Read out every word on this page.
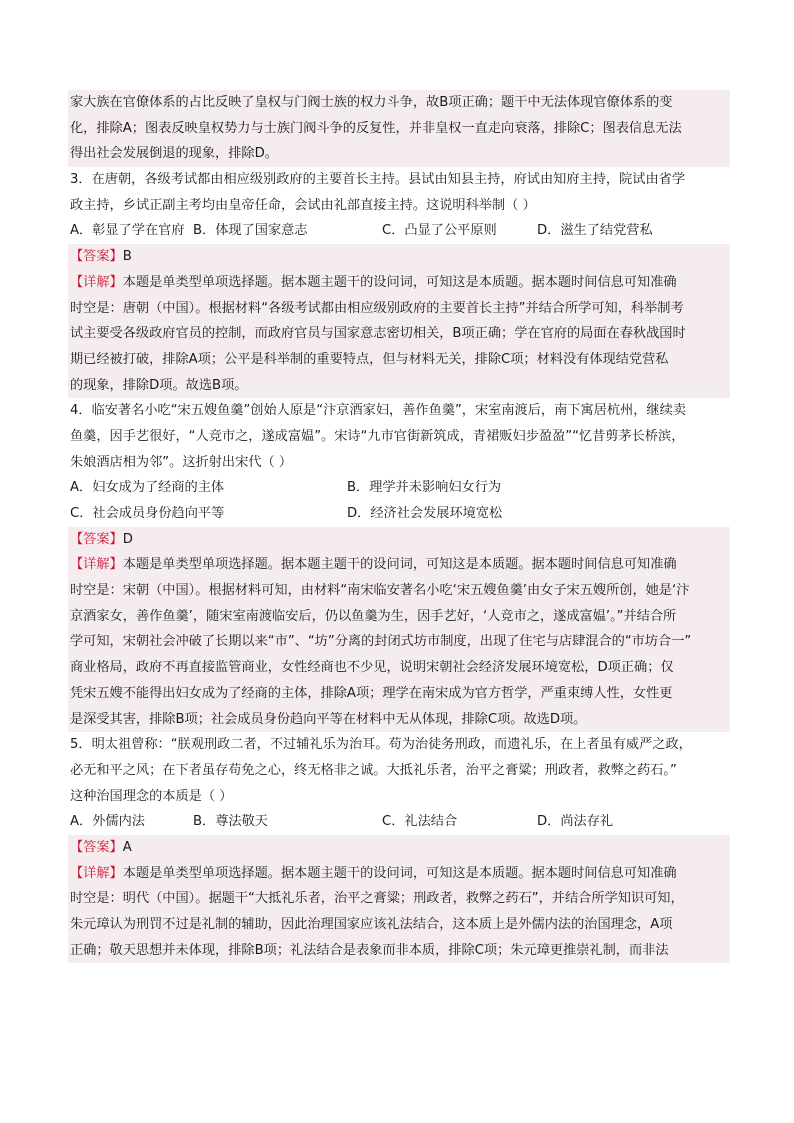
家大族在官僚体系的占比反映了皇权与门阀士族的权力斗争，故B项正确；题干中无法体现官僚体系的变
化，排除A；图表反映皇权势力与士族门阀斗争的反复性，并非皇权一直走向衰落，排除C；图表信息无法
得出社会发展倒退的现象，排除D。
3．在唐朝，各级考试都由相应级别政府的主要首长主持。县试由知县主持，府试由知府主持，院试由省学
政主持，乡试正副主考均由皇帝任命，会试由礼部直接主持。这说明科举制（ ）
A．彰显了学在官府 B．体现了国家意志	C．凸显了公平原则	D．滋生了结党营私
【答案】B
【详解】本题是单类型单项选择题。据本题主题干的设问词，可知这是本质题。据本题时间信息可知准确
时空是：唐朝（中国）。根据材料“各级考试都由相应级别政府的主要首长主持”并结合所学可知，科举制考
试主要受各级政府官员的控制，而政府官员与国家意志密切相关，B项正确；学在官府的局面在春秋战国时
期已经被打破，排除A项；公平是科举制的重要特点，但与材料无关，排除C项；材料没有体现结党营私
的现象，排除D项。故选B项。
4．临安著名小吃“宋五嫂鱼羹”创始人原是“汴京酒家妇，善作鱼羹”，宋室南渡后，南下寓居杭州，继续卖
鱼羹，因手艺很好，“人竞市之，遂成富媪”。宋诗“九市官街新筑成，青裙贩妇步盈盈”“忆昔剪茅长桥滨，
朱娘酒店相为邻”。这折射出宋代（ ）
A．妇女成为了经商的主体	B．理学并未影响妇女行为
C．社会成员身份趋向平等	D．经济社会发展环境宽松
【答案】D
【详解】本题是单类型单项选择题。据本题主题干的设问词，可知这是本质题。据本题时间信息可知准确
时空是：宋朝（中国）。根据材料可知，由材料“南宋临安著名小吃‘宋五嫂鱼羹’由女子宋五嫂所创，她是‘汴
京酒家女，善作鱼羹’，随宋室南渡临安后，仍以鱼羹为生，因手艺好，‘人竞市之，遂成富媪’。”并结合所
学可知，宋朝社会冲破了长期以来“市”、“坊”分离的封闭式坊市制度，出现了住宅与店肆混合的“市坊合一”
商业格局，政府不再直接监管商业，女性经商也不少见，说明宋朝社会经济发展环境宽松，D项正确；仅
凭宋五嫂不能得出妇女成为了经商的主体，排除A项；理学在南宋成为官方哲学，严重束缚人性，女性更
是深受其害，排除B项；社会成员身份趋向平等在材料中无从体现，排除C项。故选D项。
5．明太祖曾称：“朕观刑政二者，不过辅礼乐为治耳。苟为治徒务刑政，而遗礼乐，在上者虽有威严之政，
必无和平之风；在下者虽存苟免之心，终无格非之诚。大抵礼乐者，治平之膏粱；刑政者，救弊之药石。”
这种治国理念的本质是（ ）
A．外儒内法	B．尊法敬天	C．礼法结合	D．尚法存礼
【答案】A
【详解】本题是单类型单项选择题。据本题主题干的设问词，可知这是本质题。据本题时间信息可知准确
时空是：明代（中国）。据题干“大抵礼乐者，治平之膏粱；刑政者，救弊之药石”，并结合所学知识可知，
朱元璋认为刑罚不过是礼制的辅助，因此治理国家应该礼法结合，这本质上是外儒内法的治国理念，A项
正确；敬天思想并未体现，排除B项；礼法结合是表象而非本质，排除C项；朱元璋更推崇礼制，而非法
